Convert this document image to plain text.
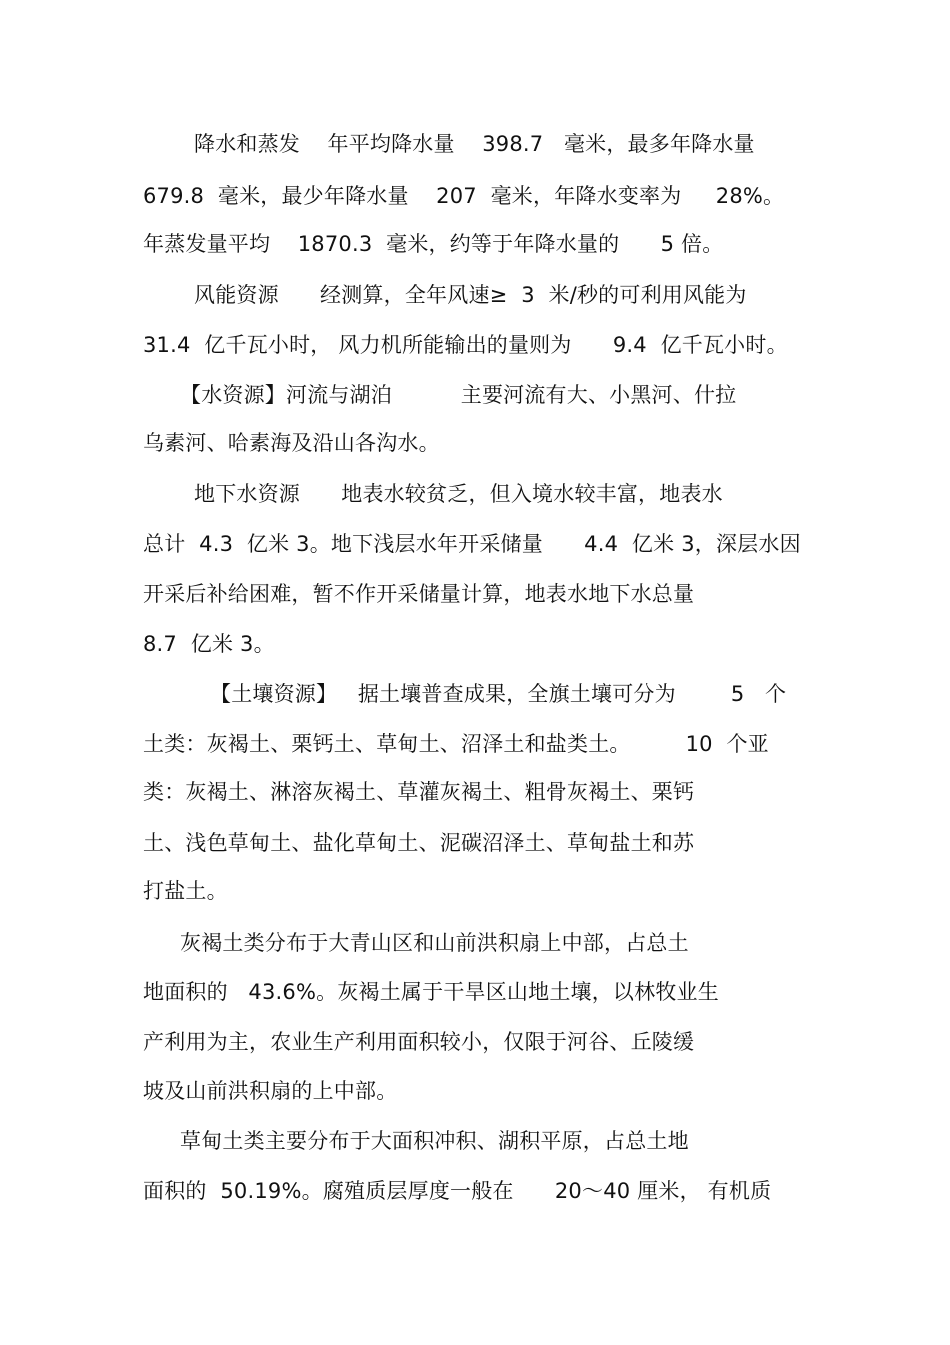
降水和蒸发    年平均降水量    398.7   毫米，最多年降水量
679.8  毫米，最少年降水量    207  毫米，年降水变率为     28%。
年蒸发量平均    1870.3  毫米，约等于年降水量的      5 倍。
风能资源      经测算，全年风速≥  3  米/秒的可利用风能为
31.4  亿千瓦小时， 风力机所能输出的量则为      9.4  亿千瓦小时。
【水资源】河流与湖泊          主要河流有大、小黑河、什拉
乌素河、哈素海及沿山各沟水。
地下水资源      地表水较贫乏，但入境水较丰富，地表水
总计  4.3  亿米 3。地下浅层水年开采储量      4.4  亿米 3，深层水因
开采后补给困难，暂不作开采储量计算，地表水地下水总量
8.7  亿米 3。
【土壤资源】   据土壤普查成果，全旗土壤可分为        5   个
土类：灰褐土、栗钙土、草甸土、沼泽土和盐类土。        10  个亚
类：灰褐土、淋溶灰褐土、草灌灰褐土、粗骨灰褐土、栗钙
土、浅色草甸土、盐化草甸土、泥碳沼泽土、草甸盐土和苏
打盐土。
灰褐土类分布于大青山区和山前洪积扇上中部，占总土
地面积的   43.6%。灰褐土属于干旱区山地土壤，以林牧业生
产利用为主，农业生产利用面积较小，仅限于河谷、丘陵缓
坡及山前洪积扇的上中部。
草甸土类主要分布于大面积冲积、湖积平原，占总土地
面积的  50.19%。腐殖质层厚度一般在      20～40 厘米， 有机质
